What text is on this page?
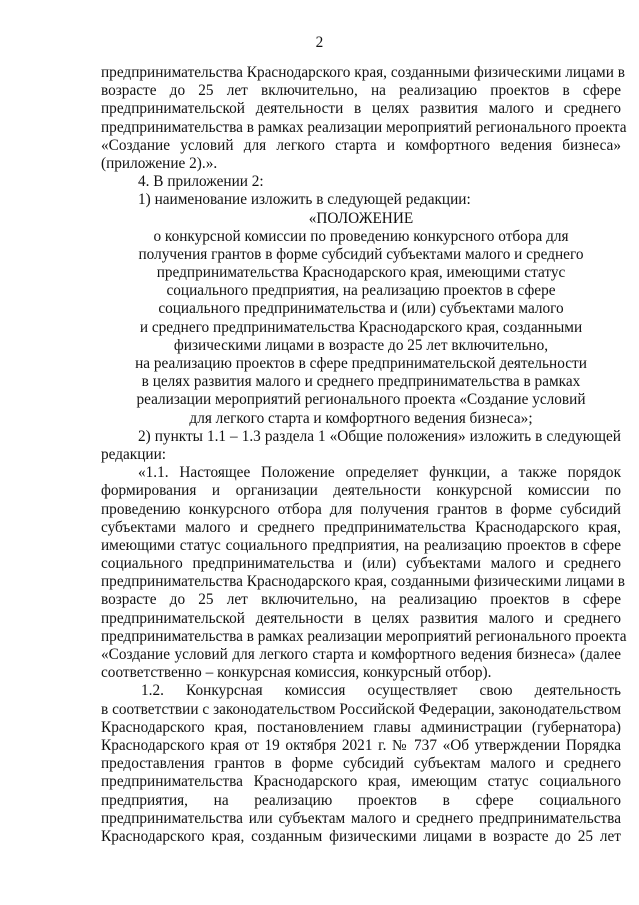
2
предпринимательства Краснодарского края, созданными физическими лицами в
возрасте до 25 лет включительно, на реализацию проектов в сфере
предпринимательской деятельности в целях развития малого и среднего
предпринимательства в рамках реализации мероприятий регионального проекта
«Создание условий для легкого старта и комфортного ведения бизнеса»
(приложение 2).».
4. В приложении 2:
1) наименование изложить в следующей редакции:
«ПОЛОЖЕНИЕ
о конкурсной комиссии по проведению конкурсного отбора для
получения грантов в форме субсидий субъектами малого и среднего
предпринимательства Краснодарского края, имеющими статус
социального предприятия, на реализацию проектов в сфере
социального предпринимательства и (или) субъектами малого
и среднего предпринимательства Краснодарского края, созданными
физическими лицами в возрасте до 25 лет включительно,
на реализацию проектов в сфере предпринимательской деятельности
в целях развития малого и среднего предпринимательства в рамках
реализации мероприятий регионального проекта «Создание условий
для легкого старта и комфортного ведения бизнеса»;
2) пункты 1.1 – 1.3 раздела 1 «Общие положения» изложить в следующей
редакции:
«1.1. Настоящее Положение определяет функции, а также порядок
формирования и организации деятельности конкурсной комиссии по
проведению конкурсного отбора для получения грантов в форме субсидий
субъектами малого и среднего предпринимательства Краснодарского края,
имеющими статус социального предприятия, на реализацию проектов в сфере
социального предпринимательства и (или) субъектами малого и среднего
предпринимательства Краснодарского края, созданными физическими лицами в
возрасте до 25 лет включительно, на реализацию проектов в сфере
предпринимательской деятельности в целях развития малого и среднего
предпринимательства в рамках реализации мероприятий регионального проекта
«Создание условий для легкого старта и комфортного ведения бизнеса» (далее
соответственно – конкурсная комиссия, конкурсный отбор).
1.2. Конкурсная комиссия осуществляет свою деятельность
в соответствии с законодательством Российской Федерации, законодательством
Краснодарского края, постановлением главы администрации (губернатора)
Краснодарского края от 19 октября 2021 г. № 737 «Об утверждении Порядка
предоставления грантов в форме субсидий субъектам малого и среднего
предпринимательства Краснодарского края, имеющим статус социального
предприятия, на реализацию проектов в сфере социального
предпринимательства или субъектам малого и среднего предпринимательства
Краснодарского края, созданным физическими лицами в возрасте до 25 лет
